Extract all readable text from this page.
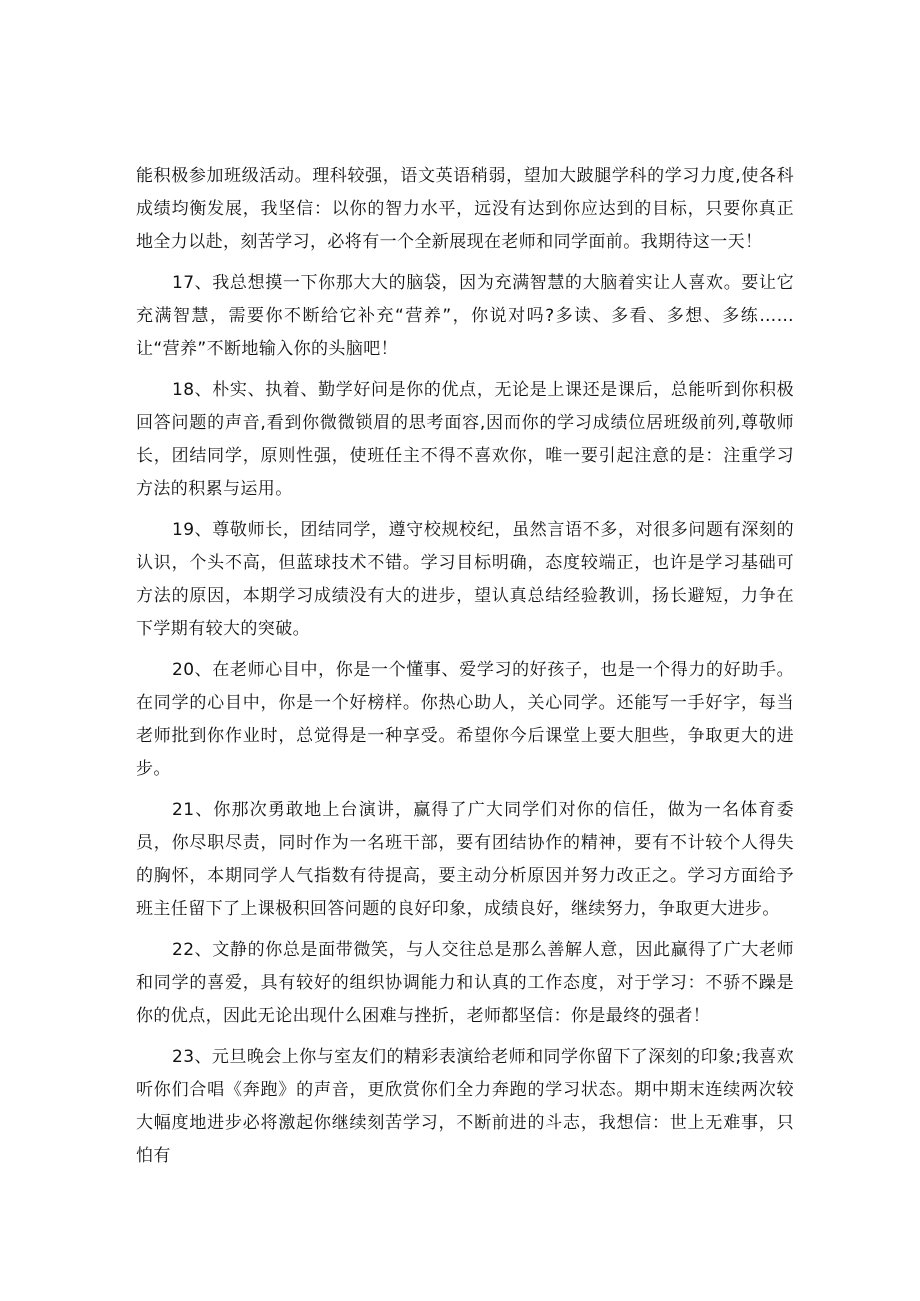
能积极参加班级活动。理科较强，语文英语稍弱，望加大跛腿学科的学习力度,使各科成绩均衡发展，我坚信：以你的智力水平，远没有达到你应达到的目标，只要你真正地全力以赴，刻苦学习，必将有一个全新展现在老师和同学面前。我期待这一天！

17、我总想摸一下你那大大的脑袋，因为充满智慧的大脑着实让人喜欢。要让它充满智慧，需要你不断给它补充“营养”，你说对吗?多读、多看、多想、多练……让“营养”不断地输入你的头脑吧！

18、朴实、执着、勤学好问是你的优点，无论是上课还是课后，总能听到你积极回答问题的声音,看到你微微锁眉的思考面容,因而你的学习成绩位居班级前列,尊敬师长，团结同学，原则性强，使班任主不得不喜欢你，唯一要引起注意的是：注重学习方法的积累与运用。

19、尊敬师长，团结同学，遵守校规校纪，虽然言语不多，对很多问题有深刻的认识，个头不高，但蓝球技术不错。学习目标明确，态度较端正，也许是学习基础可方法的原因，本期学习成绩没有大的进步，望认真总结经验教训，扬长避短，力争在下学期有较大的突破。

20、在老师心目中，你是一个懂事、爱学习的好孩子，也是一个得力的好助手。在同学的心目中，你是一个好榜样。你热心助人，关心同学。还能写一手好字，每当老师批到你作业时，总觉得是一种享受。希望你今后课堂上要大胆些，争取更大的进步。

21、你那次勇敢地上台演讲，赢得了广大同学们对你的信任，做为一名体育委员，你尽职尽责，同时作为一名班干部，要有团结协作的精神，要有不计较个人得失的胸怀，本期同学人气指数有待提高，要主动分析原因并努力改正之。学习方面给予班主任留下了上课极积回答问题的良好印象，成绩良好，继续努力，争取更大进步。

22、文静的你总是面带微笑，与人交往总是那么善解人意，因此赢得了广大老师和同学的喜爱，具有较好的组织协调能力和认真的工作态度，对于学习：不骄不躁是你的优点，因此无论出现什么困难与挫折，老师都坚信：你是最终的强者！

23、元旦晚会上你与室友们的精彩表演给老师和同学你留下了深刻的印象;我喜欢听你们合唱《奔跑》的声音，更欣赏你们全力奔跑的学习状态。期中期末连续两次较大幅度地进步必将激起你继续刻苦学习，不断前进的斗志，我想信：世上无难事，只怕有
